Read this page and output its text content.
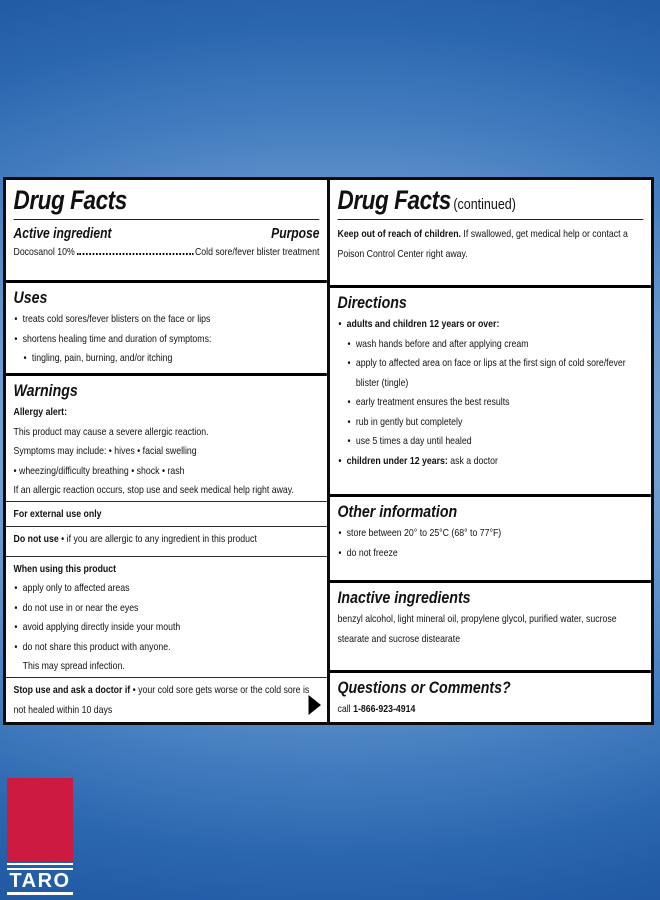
Drug Facts
Active ingredient	Purpose
Docosanol 10%	Cold sore/fever blister treatment
Uses
• treats cold sores/fever blisters on the face or lips
• shortens healing time and duration of symptoms:
• tingling, pain, burning, and/or itching
Warnings
Allergy alert:
This product may cause a severe allergic reaction.
Symptoms may include: • hives • facial swelling
• wheezing/difficulty breathing • shock • rash
If an allergic reaction occurs, stop use and seek medical help right away.
For external use only
Do not use • if you are allergic to any ingredient in this product
When using this product
• apply only to affected areas
• do not use in or near the eyes
• avoid applying directly inside your mouth
• do not share this product with anyone.
This may spread infection.
Stop use and ask a doctor if • your cold sore gets worse or the cold sore is not healed within 10 days
Drug Facts (continued)
Keep out of reach of children. If swallowed, get medical help or contact a Poison Control Center right away.
Directions
• adults and children 12 years or over:
• wash hands before and after applying cream
• apply to affected area on face or lips at the first sign of cold sore/fever blister (tingle)
• early treatment ensures the best results
• rub in gently but completely
• use 5 times a day until healed
• children under 12 years: ask a doctor
Other information
• store between 20° to 25°C (68° to 77°F)
• do not freeze
Inactive ingredients
benzyl alcohol, light mineral oil, propylene glycol, purified water, sucrose stearate and sucrose distearate
Questions or Comments?
call 1-866-923-4914
TARO
